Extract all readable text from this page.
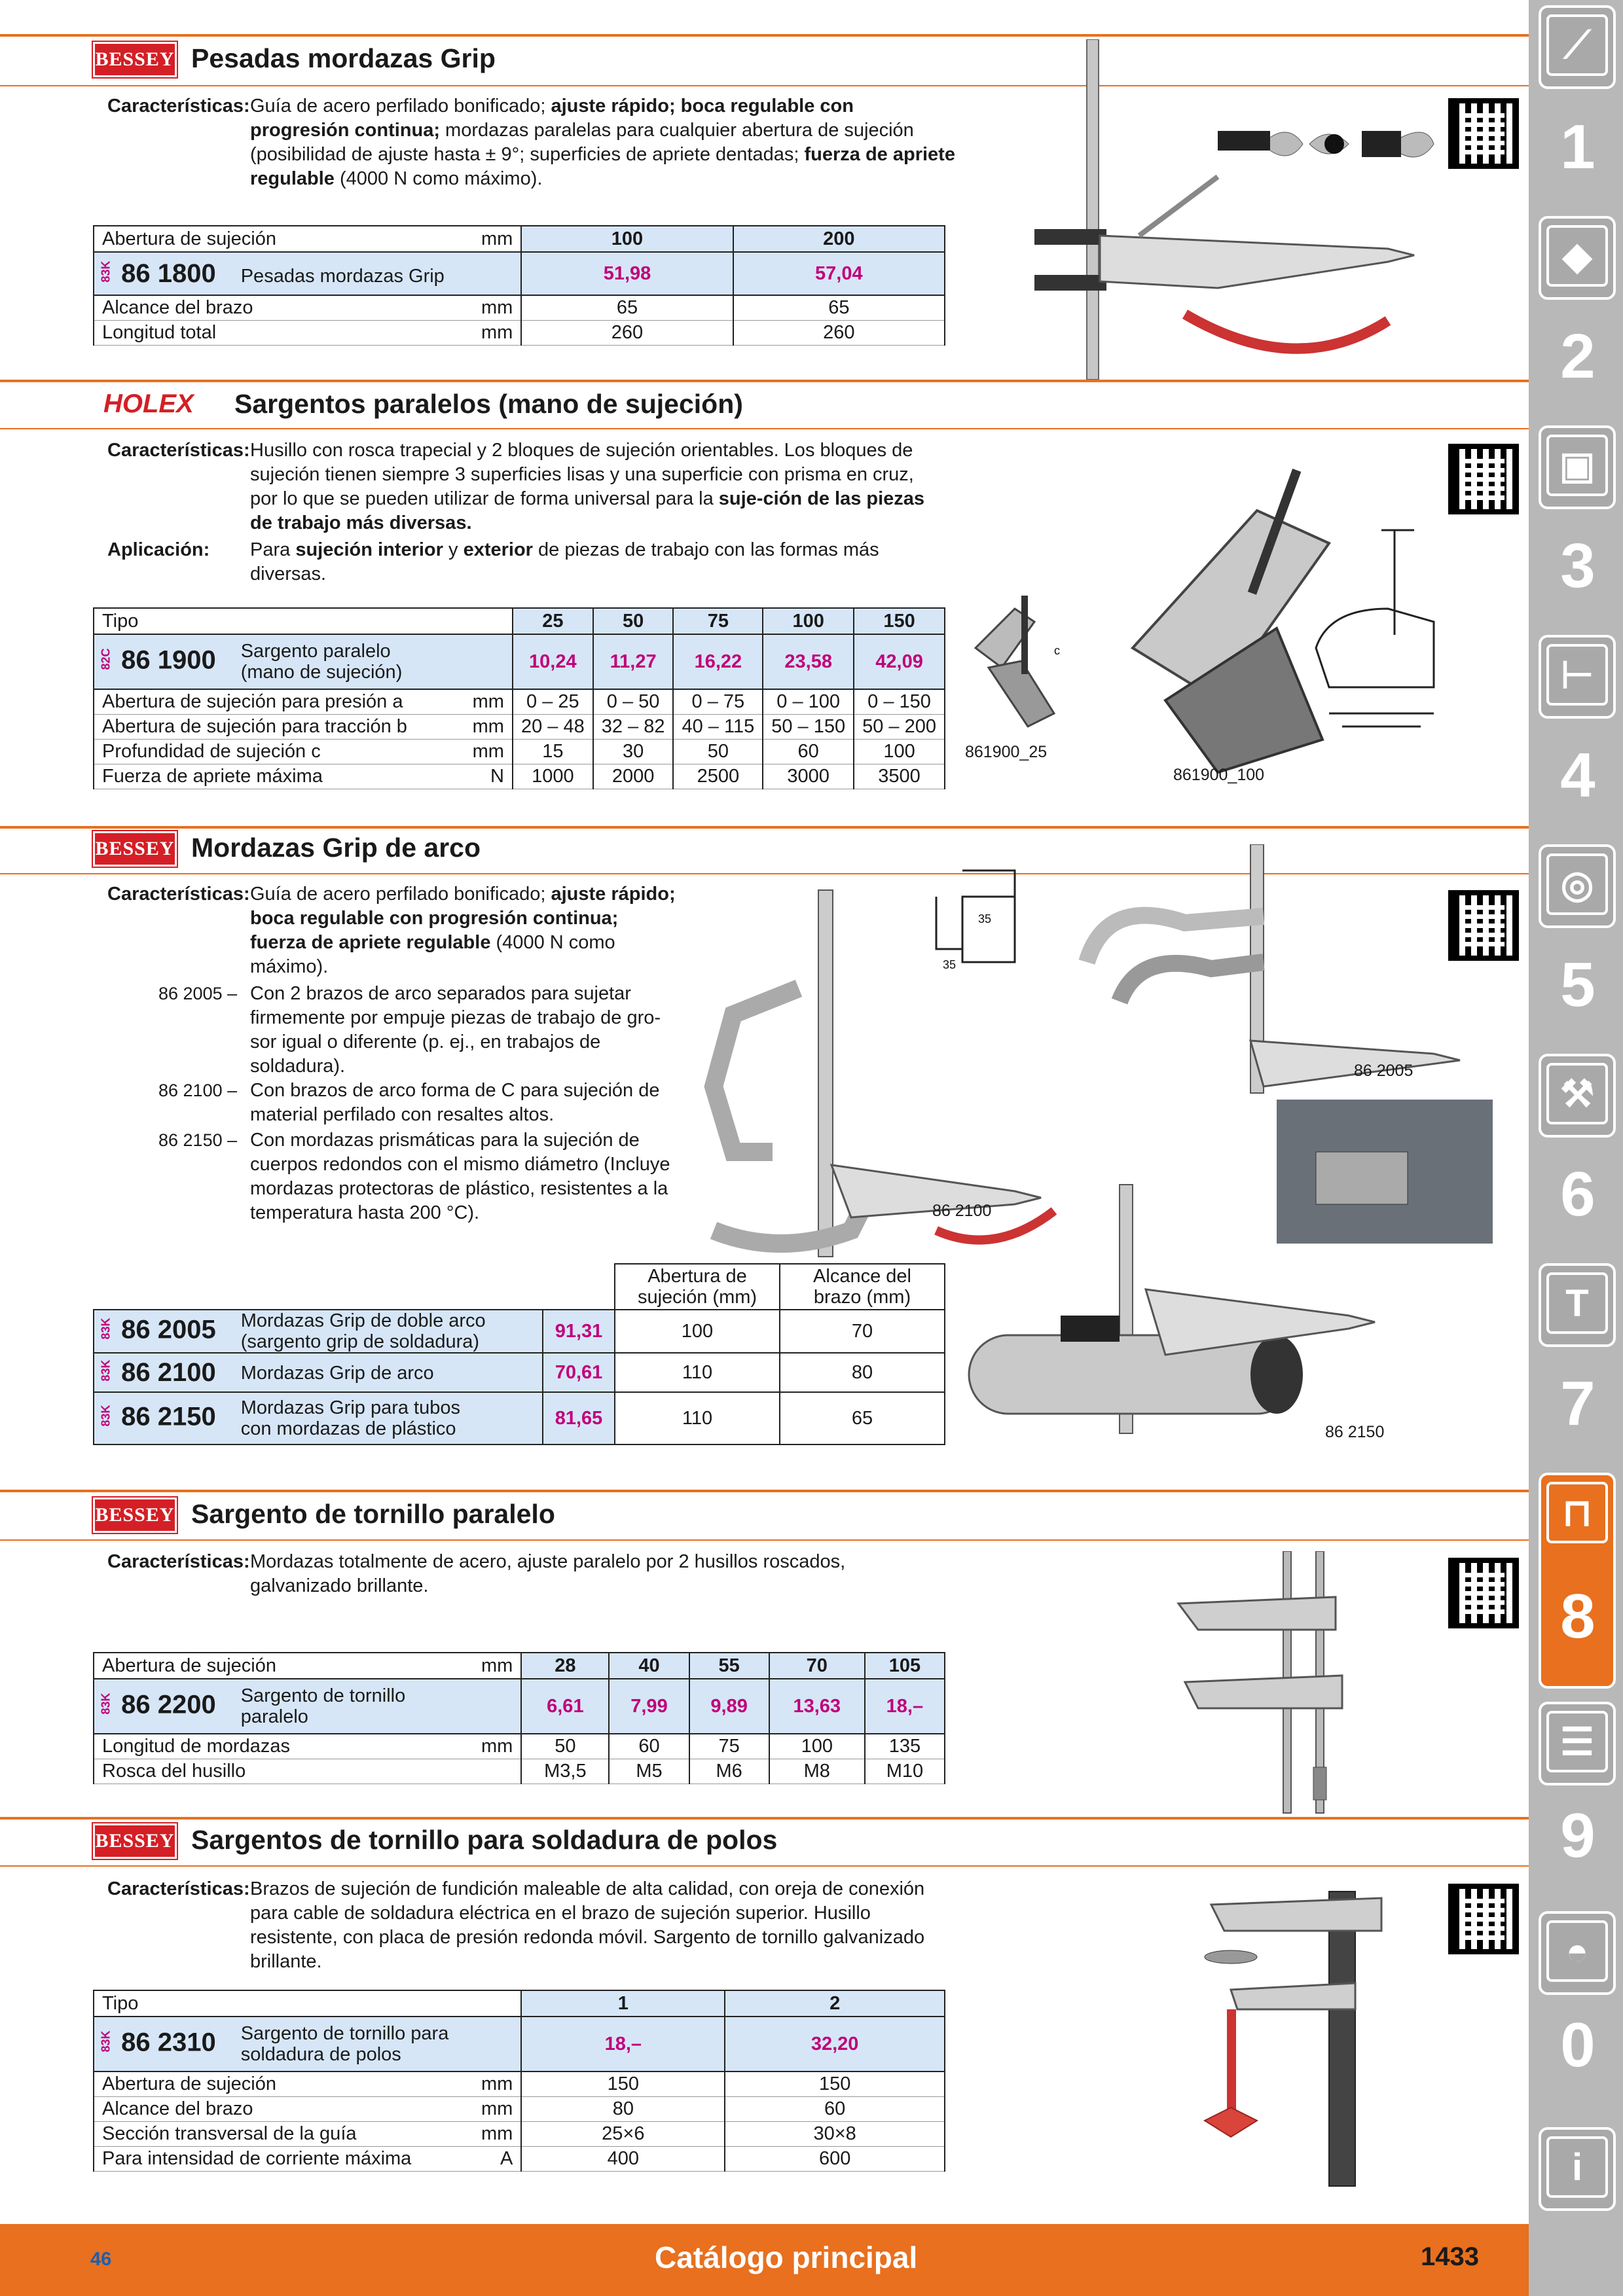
BESSEY Pesadas mordazas Grip
Características: Guía de acero perfilado bonificado; ajuste rápido; boca regulable con progresión continua; mordazas paralelas para cualquier abertura de sujeción (posibilidad de ajuste hasta ± 9°; superficies de apriete dentadas; fuerza de apriete regulable (4000 N como máximo).
Abertura de sujeción	mm	100	200
83K 86 1800 Pesadas mordazas Grip		51,98	57,04
Alcance del brazo	mm	65	65
Longitud total	mm	260	260
HOLEX	Sargentos paralelos (mano de sujeción)
Características: Husillo con rosca trapecial y 2 bloques de sujeción orientables. Los bloques de sujeción tienen siempre 3 superficies lisas y una superficie con prisma en cruz, por lo que se pueden utilizar de forma universal para la suje-ción de las piezas de trabajo más diversas.
Aplicación: Para sujeción interior y exterior de piezas de trabajo con las formas más diversas.
Tipo		25	50	75	100	150
82C 86 1900 Sargento paralelo (mano de sujeción)		10,24	11,27	16,22	23,58	42,09
Abertura de sujeción para presión a	mm	0 – 25	0 – 50	0 – 75	0 – 100	0 – 150
Abertura de sujeción para tracción b	mm	20 – 48	32 – 82	40 – 115	50 – 150	50 – 200
Profundidad de sujeción c	mm	15	30	50	60	100
Fuerza de apriete máxima	N	1000	2000	2500	3000	3500
c
861900_25
861900_100
BESSEY Mordazas Grip de arco
Características: Guía de acero perfilado bonificado; ajuste rápido; boca regulable con progresión continua; fuerza de apriete regulable (4000 N como máximo).
86 2005 – Con 2 brazos de arco separados para sujetar firmemente por empuje piezas de trabajo de gro-sor igual o diferente (p. ej., en trabajos de soldadura).
86 2100 – Con brazos de arco forma de C para sujeción de material perfilado con resaltes altos.
86 2150 – Con mordazas prismáticas para la sujeción de cuerpos redondos con el mismo diámetro (Incluye mordazas protectoras de plástico, resistentes a la temperatura hasta 200 °C).
		Abertura de sujeción (mm)	Alcance del brazo (mm)
83K 86 2005 Mordazas Grip de doble arco (sargento grip de soldadura)	91,31	100	70
83K 86 2100 Mordazas Grip de arco	70,61	110	80
83K 86 2150 Mordazas Grip para tubos con mordazas de plástico	81,65	110	65
35
35
86 2005
86 2100
86 2150
BESSEY Sargento de tornillo paralelo
Características: Mordazas totalmente de acero, ajuste paralelo por 2 husillos roscados, galvanizado brillante.
Abertura de sujeción	mm	28	40	55	70	105
83K 86 2200 Sargento de tornillo paralelo		6,61	7,99	9,89	13,63	18,–
Longitud de mordazas	mm	50	60	75	100	135
Rosca del husillo		M3,5	M5	M6	M8	M10
BESSEY Sargentos de tornillo para soldadura de polos
Características: Brazos de sujeción de fundición maleable de alta calidad, con oreja de conexión para cable de soldadura eléctrica en el brazo de sujeción superior. Husillo resistente, con placa de presión redonda móvil. Sargento de tornillo galvanizado brillante.
Tipo		1	2
83K 86 2310 Sargento de tornillo para soldadura de polos		18,–	32,20
Abertura de sujeción	mm	150	150
Alcance del brazo	mm	80	60
Sección transversal de la guía	mm	25×6	30×8
Para intensidad de corriente máxima	A	400	600
⟋
1
◆
2
▣
3
⊢
4
◎
5
⚒
6
T
7
⊓
8
☰
9
◓
0
i
46	Catálogo principal	1433
